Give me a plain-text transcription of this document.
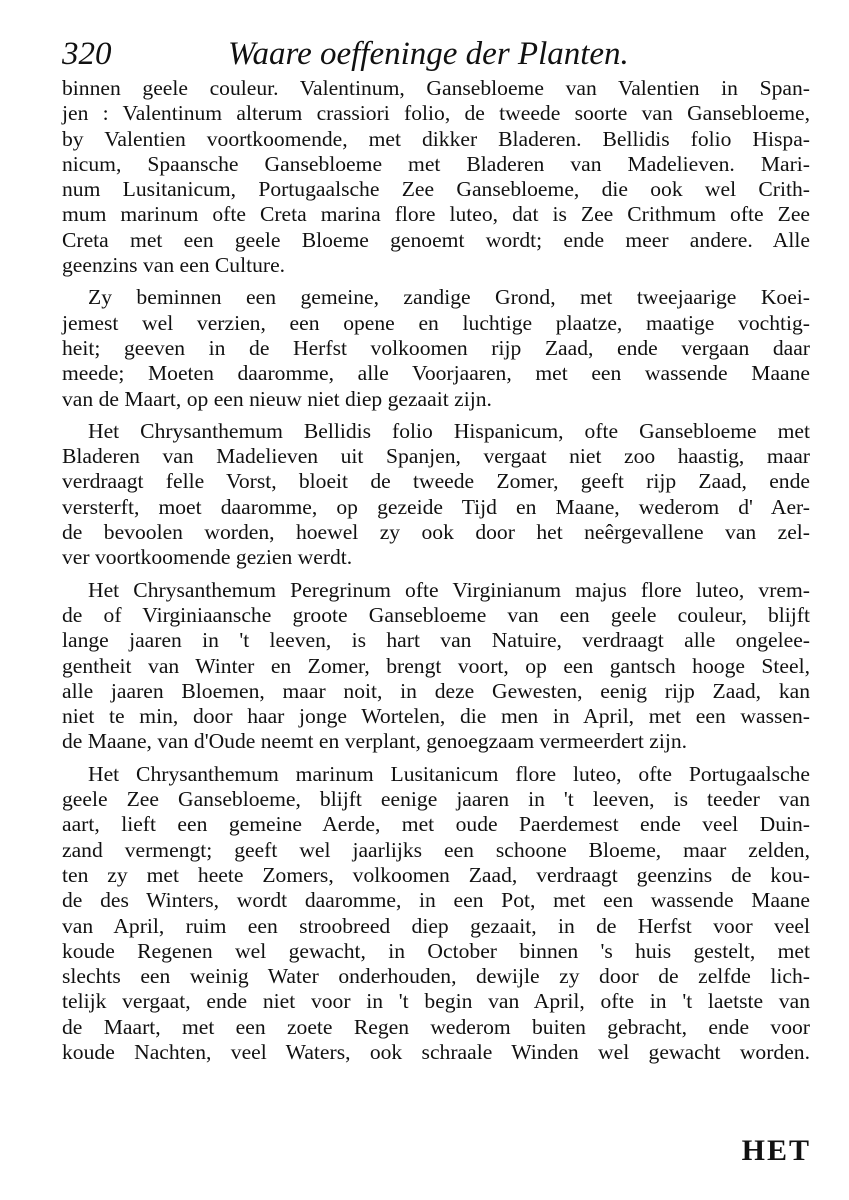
320	Waare oeffeninge der Planten.
binnen geele couleur. Valentinum, Gansebloeme van Valentien in Span-
jen : Valentinum alterum crassiori folio, de tweede soorte van Gansebloeme,
by Valentien voortkoomende, met dikker Bladeren. Bellidis folio Hispa-
nicum, Spaansche Gansebloeme met Bladeren van Madelieven. Mari-
num Lusitanicum, Portugaalsche Zee Gansebloeme, die ook wel Crith-
mum marinum ofte Creta marina flore luteo, dat is Zee Crithmum ofte Zee
Creta met een geele Bloeme genoemt wordt; ende meer andere. Alle
geenzins van een Culture.
Zy beminnen een gemeine, zandige Grond, met tweejaarige Koei-
jemest wel verzien, een opene en luchtige plaatze, maatige vochtig-
heit; geeven in de Herfst volkoomen rijp Zaad, ende vergaan daar
meede; Moeten daaromme, alle Voorjaaren, met een wassende Maane
van de Maart, op een nieuw niet diep gezaait zijn.
Het Chrysanthemum Bellidis folio Hispanicum, ofte Gansebloeme met
Bladeren van Madelieven uit Spanjen, vergaat niet zoo haastig, maar
verdraagt felle Vorst, bloeit de tweede Zomer, geeft rijp Zaad, ende
versterft, moet daaromme, op gezeide Tijd en Maane, wederom d' Aer-
de bevoolen worden, hoewel zy ook door het neêrgevallene van zel-
ver voortkoomende gezien werdt.
Het Chrysanthemum Peregrinum ofte Virginianum majus flore luteo, vrem-
de of Virginiaansche groote Gansebloeme van een geele couleur, blijft
lange jaaren in 't leeven, is hart van Natuire, verdraagt alle ongelee-
gentheit van Winter en Zomer, brengt voort, op een gantsch hooge Steel,
alle jaaren Bloemen, maar noit, in deze Gewesten, eenig rijp Zaad, kan
niet te min, door haar jonge Wortelen, die men in April, met een wassen-
de Maane, van d'Oude neemt en verplant, genoegzaam vermeerdert zijn.
Het Chrysanthemum marinum Lusitanicum flore luteo, ofte Portugaalsche
geele Zee Gansebloeme, blijft eenige jaaren in 't leeven, is teeder van
aart, lieft een gemeine Aerde, met oude Paerdemest ende veel Duin-
zand vermengt; geeft wel jaarlijks een schoone Bloeme, maar zelden,
ten zy met heete Zomers, volkoomen Zaad, verdraagt geenzins de kou-
de des Winters, wordt daaromme, in een Pot, met een wassende Maane
van April, ruim een stroobreed diep gezaait, in de Herfst voor veel
koude Regenen wel gewacht, in October binnen 's huis gestelt, met
slechts een weinig Water onderhouden, dewijle zy door de zelfde lich-
telijk vergaat, ende niet voor in 't begin van April, ofte in 't laetste van
de Maart, met een zoete Regen wederom buiten gebracht, ende voor
koude Nachten, veel Waters, ook schraale Winden wel gewacht worden.
HET
